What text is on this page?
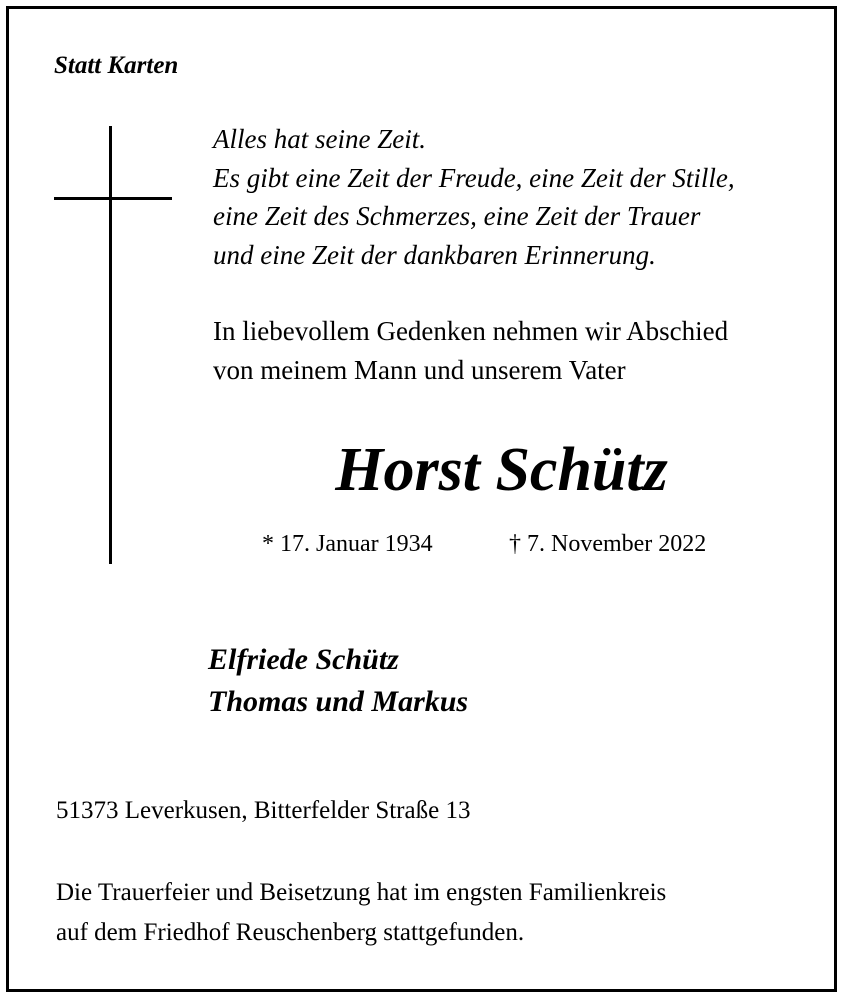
Statt Karten
Alles hat seine Zeit.
Es gibt eine Zeit der Freude, eine Zeit der Stille,
eine Zeit des Schmerzes, eine Zeit der Trauer
und eine Zeit der dankbaren Erinnerung.
In liebevollem Gedenken nehmen wir Abschied
von meinem Mann und unserem Vater
Horst Schütz
* 17. Januar 1934	† 7. November 2022
Elfriede Schütz
Thomas und Markus
51373 Leverkusen, Bitterfelder Straße 13
Die Trauerfeier und Beisetzung hat im engsten Familienkreis
auf dem Friedhof Reuschenberg stattgefunden.
